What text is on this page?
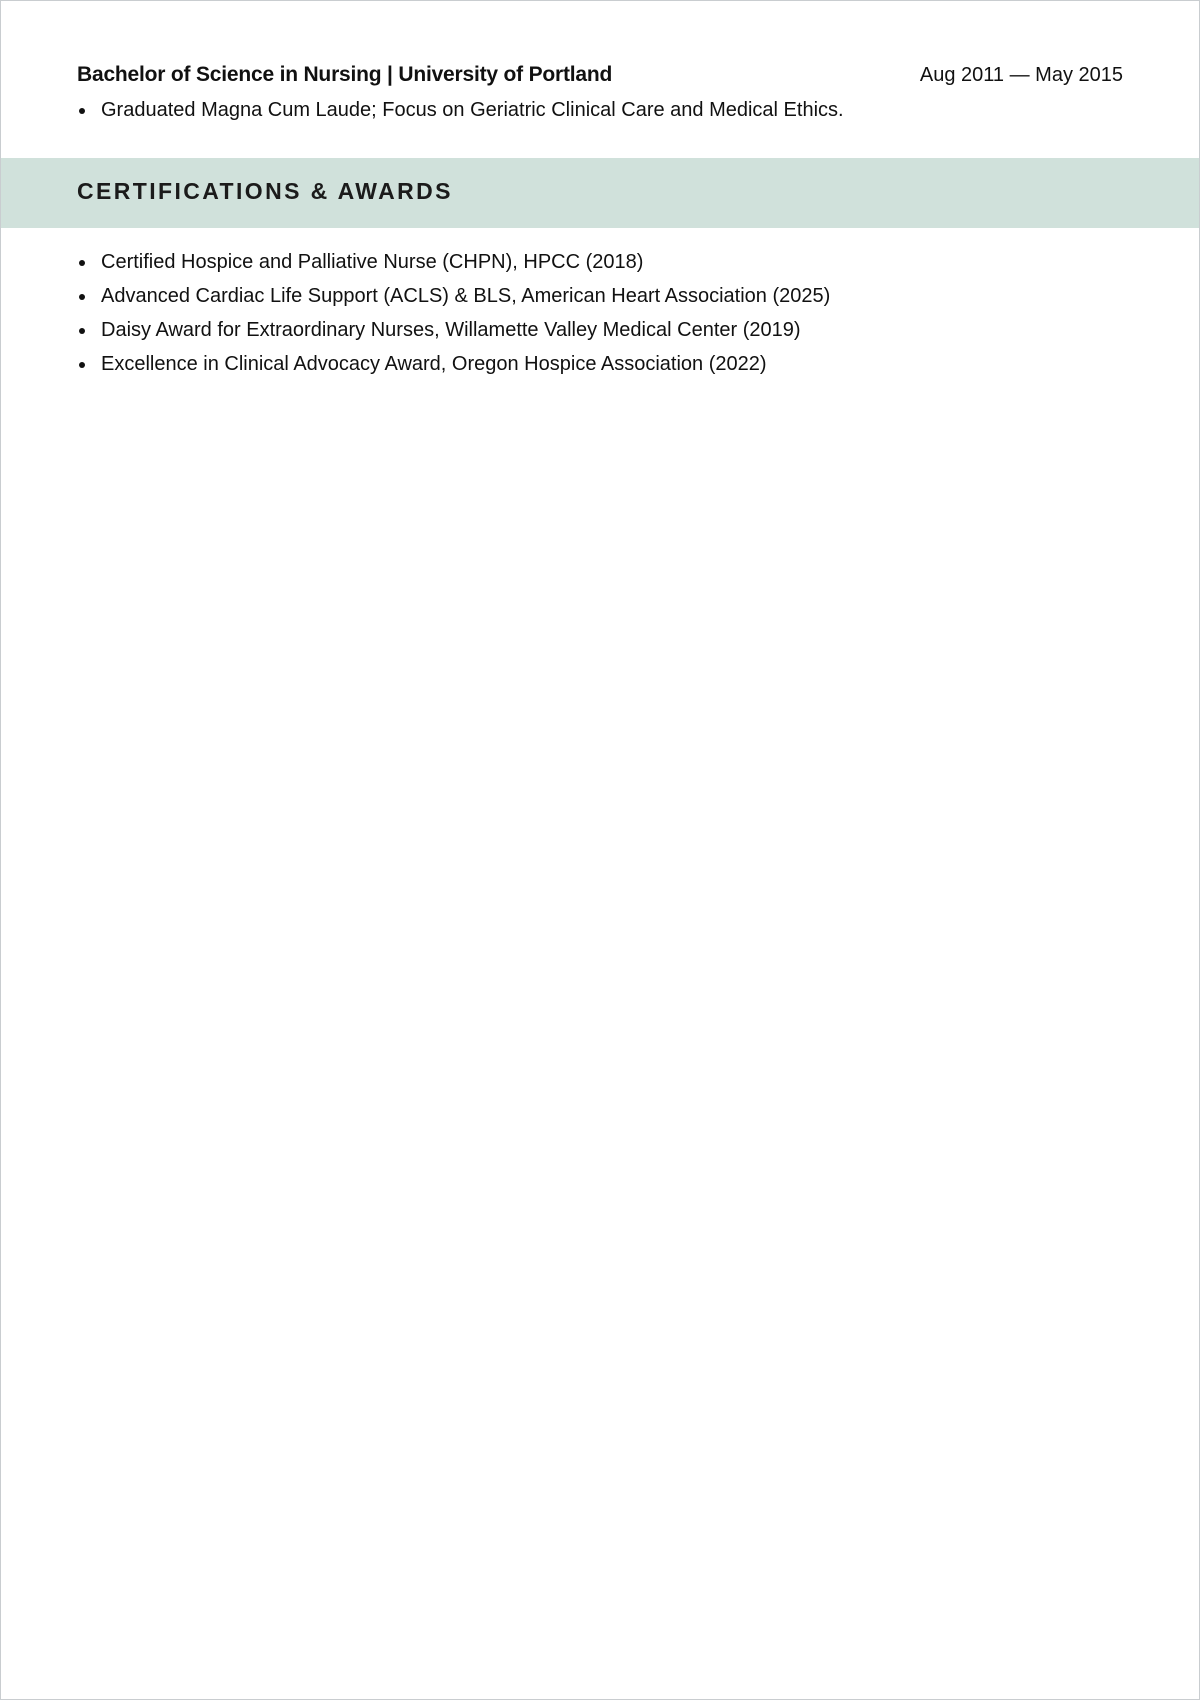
Bachelor of Science in Nursing | University of Portland	Aug 2011 — May 2015
Graduated Magna Cum Laude; Focus on Geriatric Clinical Care and Medical Ethics.
CERTIFICATIONS & AWARDS
Certified Hospice and Palliative Nurse (CHPN), HPCC (2018)
Advanced Cardiac Life Support (ACLS) & BLS, American Heart Association (2025)
Daisy Award for Extraordinary Nurses, Willamette Valley Medical Center (2019)
Excellence in Clinical Advocacy Award, Oregon Hospice Association (2022)
